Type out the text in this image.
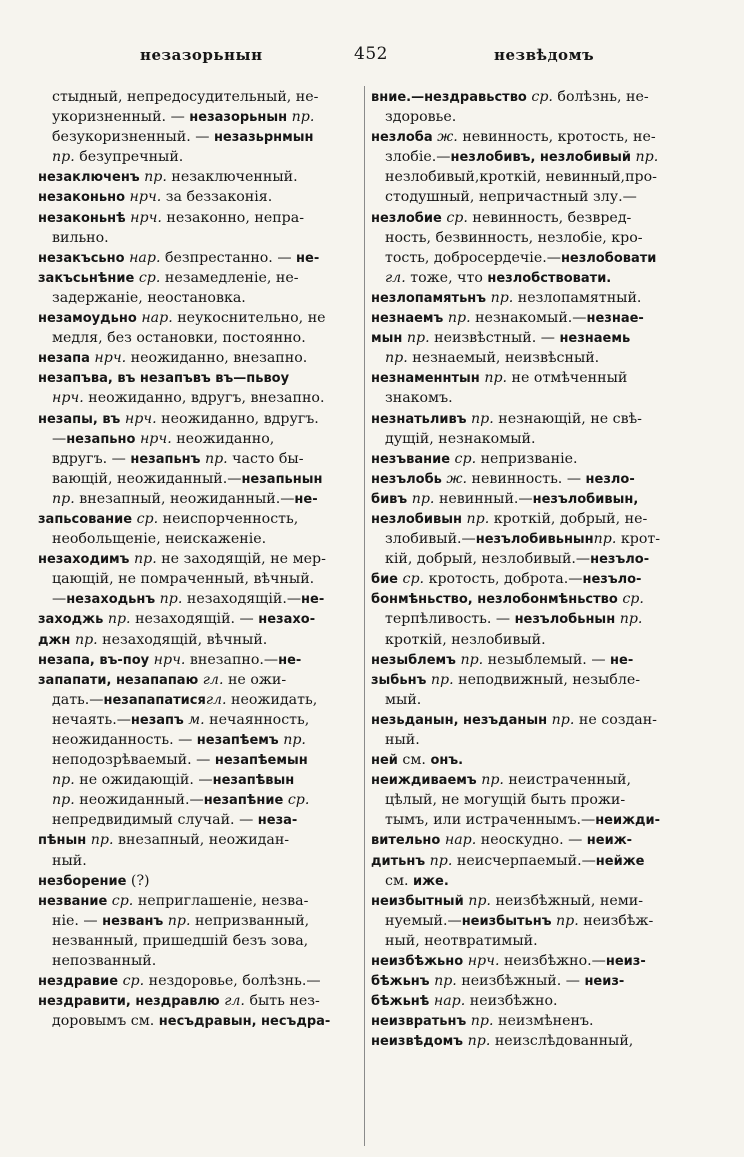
незазорьнын	452	незвѣдомъ
стыдный, непредосудительный, не-
укоризненный. — незазорьнын пр.
безукоризненный. — незазьрнмын
пр. безупречный.
незаключенъ пр. незаключенный.
незаконьно нрч. за беззаконія.
незаконьнѣ нрч. незаконно, непра-
вильно.
незакъсьно нар. безпрестанно. — не-
закъсьнѣние ср. незамедленіе, не-
задержаніе, неостановка.
незамоудьно нар. неукоснительно, не
медля, без остановки, постоянно.
незапа нрч. неожиданно, внезапно.
незапъва, въ незапъвъ въ—пьвоу
нрч. неожиданно, вдругъ, внезапно.
незапы, въ нрч. неожиданно, вдругъ.
—незапьно нрч. неожиданно,
вдругъ. — незапьнъ пр. часто бы-
вающій, неожиданный.—незапьнын
пр. внезапный, неожиданный.—не-
запьсование ср. неиспорченность,
необольщеніе, неискаженіе.
незаходимъ пр. не заходящій, не мер-
цающій, не помраченный, вѣчный.
—незаходьнъ пр. незаходящій.—не-
заходжь пр. незаходящій. — незахо-
джн пр. незаходящій, вѣчный.
незапа, въ-поу нрч. внезапно.—не-
запапати, незапапаю гл. не ожи-
дать.—незапапатисягл. неожидать,
нечаять.—незапъ м. нечаянность,
неожиданность. — незапѣемъ пр.
неподозрѣваемый. — незапѣемын
пр. не ожидающій. —незапѣвын
пр. неожиданный.—незапѣние ср.
непредвидимый случай. — неза-
пѣнын пр. внезапный, неожидан-
ный.
незборение (?)
незвание ср. неприглашеніе, незва-
ніе. — незванъ пр. непризванный,
незванный, пришедшій безъ зова,
непозванный.
нездравие ср. нездоровье, болѣзнь.—
нездравити, нездравлю гл. быть нез-
доровымъ см. несъдравын, несъдра-
вние.—нездравьство ср. болѣзнь, не-
здоровье.
незлоба ж. невинность, кротость, не-
злобіе.—незлобивъ, незлобивый пр.
незлобивый,кроткій, невинный,про-
стодушный, непричастный злу.—
незлобие ср. невинность, безвред-
ность, безвинность, незлобіе, кро-
тость, добросердечіе.—незлобовати
гл. тоже, что незлобствовати.
незлопамятьнъ пр. незлопамятный.
незнаемъ пр. незнакомый.—незнае-
мын пр. неизвѣстный. — незнаемь
пр. незнаемый, неизвѣсный.
незнаменнтын пр. не отмѣченный
знакомъ.
незнатьливъ пр. незнающій, не свѣ-
дущій, незнакомый.
незъвание ср. непризваніе.
незълобь ж. невинность. — незло-
бивъ пр. невинный.—незълобивын,
незлобивын пр. кроткій, добрый, не-
злобивый.—незълобивьнынпр. крот-
кій, добрый, незлобивый.—незъло-
бие ср. кротость, доброта.—незъло-
бонмѣньство, незлобонмѣньство ср.
терпѣливость. — незълобьнын пр.
кроткій, незлобивый.
незыблемъ пр. незыблемый. — не-
зыбьнъ пр. неподвижный, незыбле-
мый.
незьданын, незъданын пр. не создан-
ный.
ней см. онъ.
неиждиваемъ пр. неистраченный,
цѣлый, не могущій быть прожи-
тымъ, или истраченнымъ.—неижди-
вительно нар. неоскудно. — неиж-
дитьнъ пр. неисчерпаемый.—нейже
см. иже.
неизбытный пр. неизбѣжный, неми-
нуемый.—неизбытьнъ пр. неизбѣж-
ный, неотвратимый.
неизбѣжьно нрч. неизбѣжно.—неиз-
бѣжьнъ пр. неизбѣжный. — неиз-
бѣжьнѣ нар. неизбѣжно.
неизвратьнъ пр. неизмѣненъ.
неизвѣдомъ пр. неизслѣдованный,
